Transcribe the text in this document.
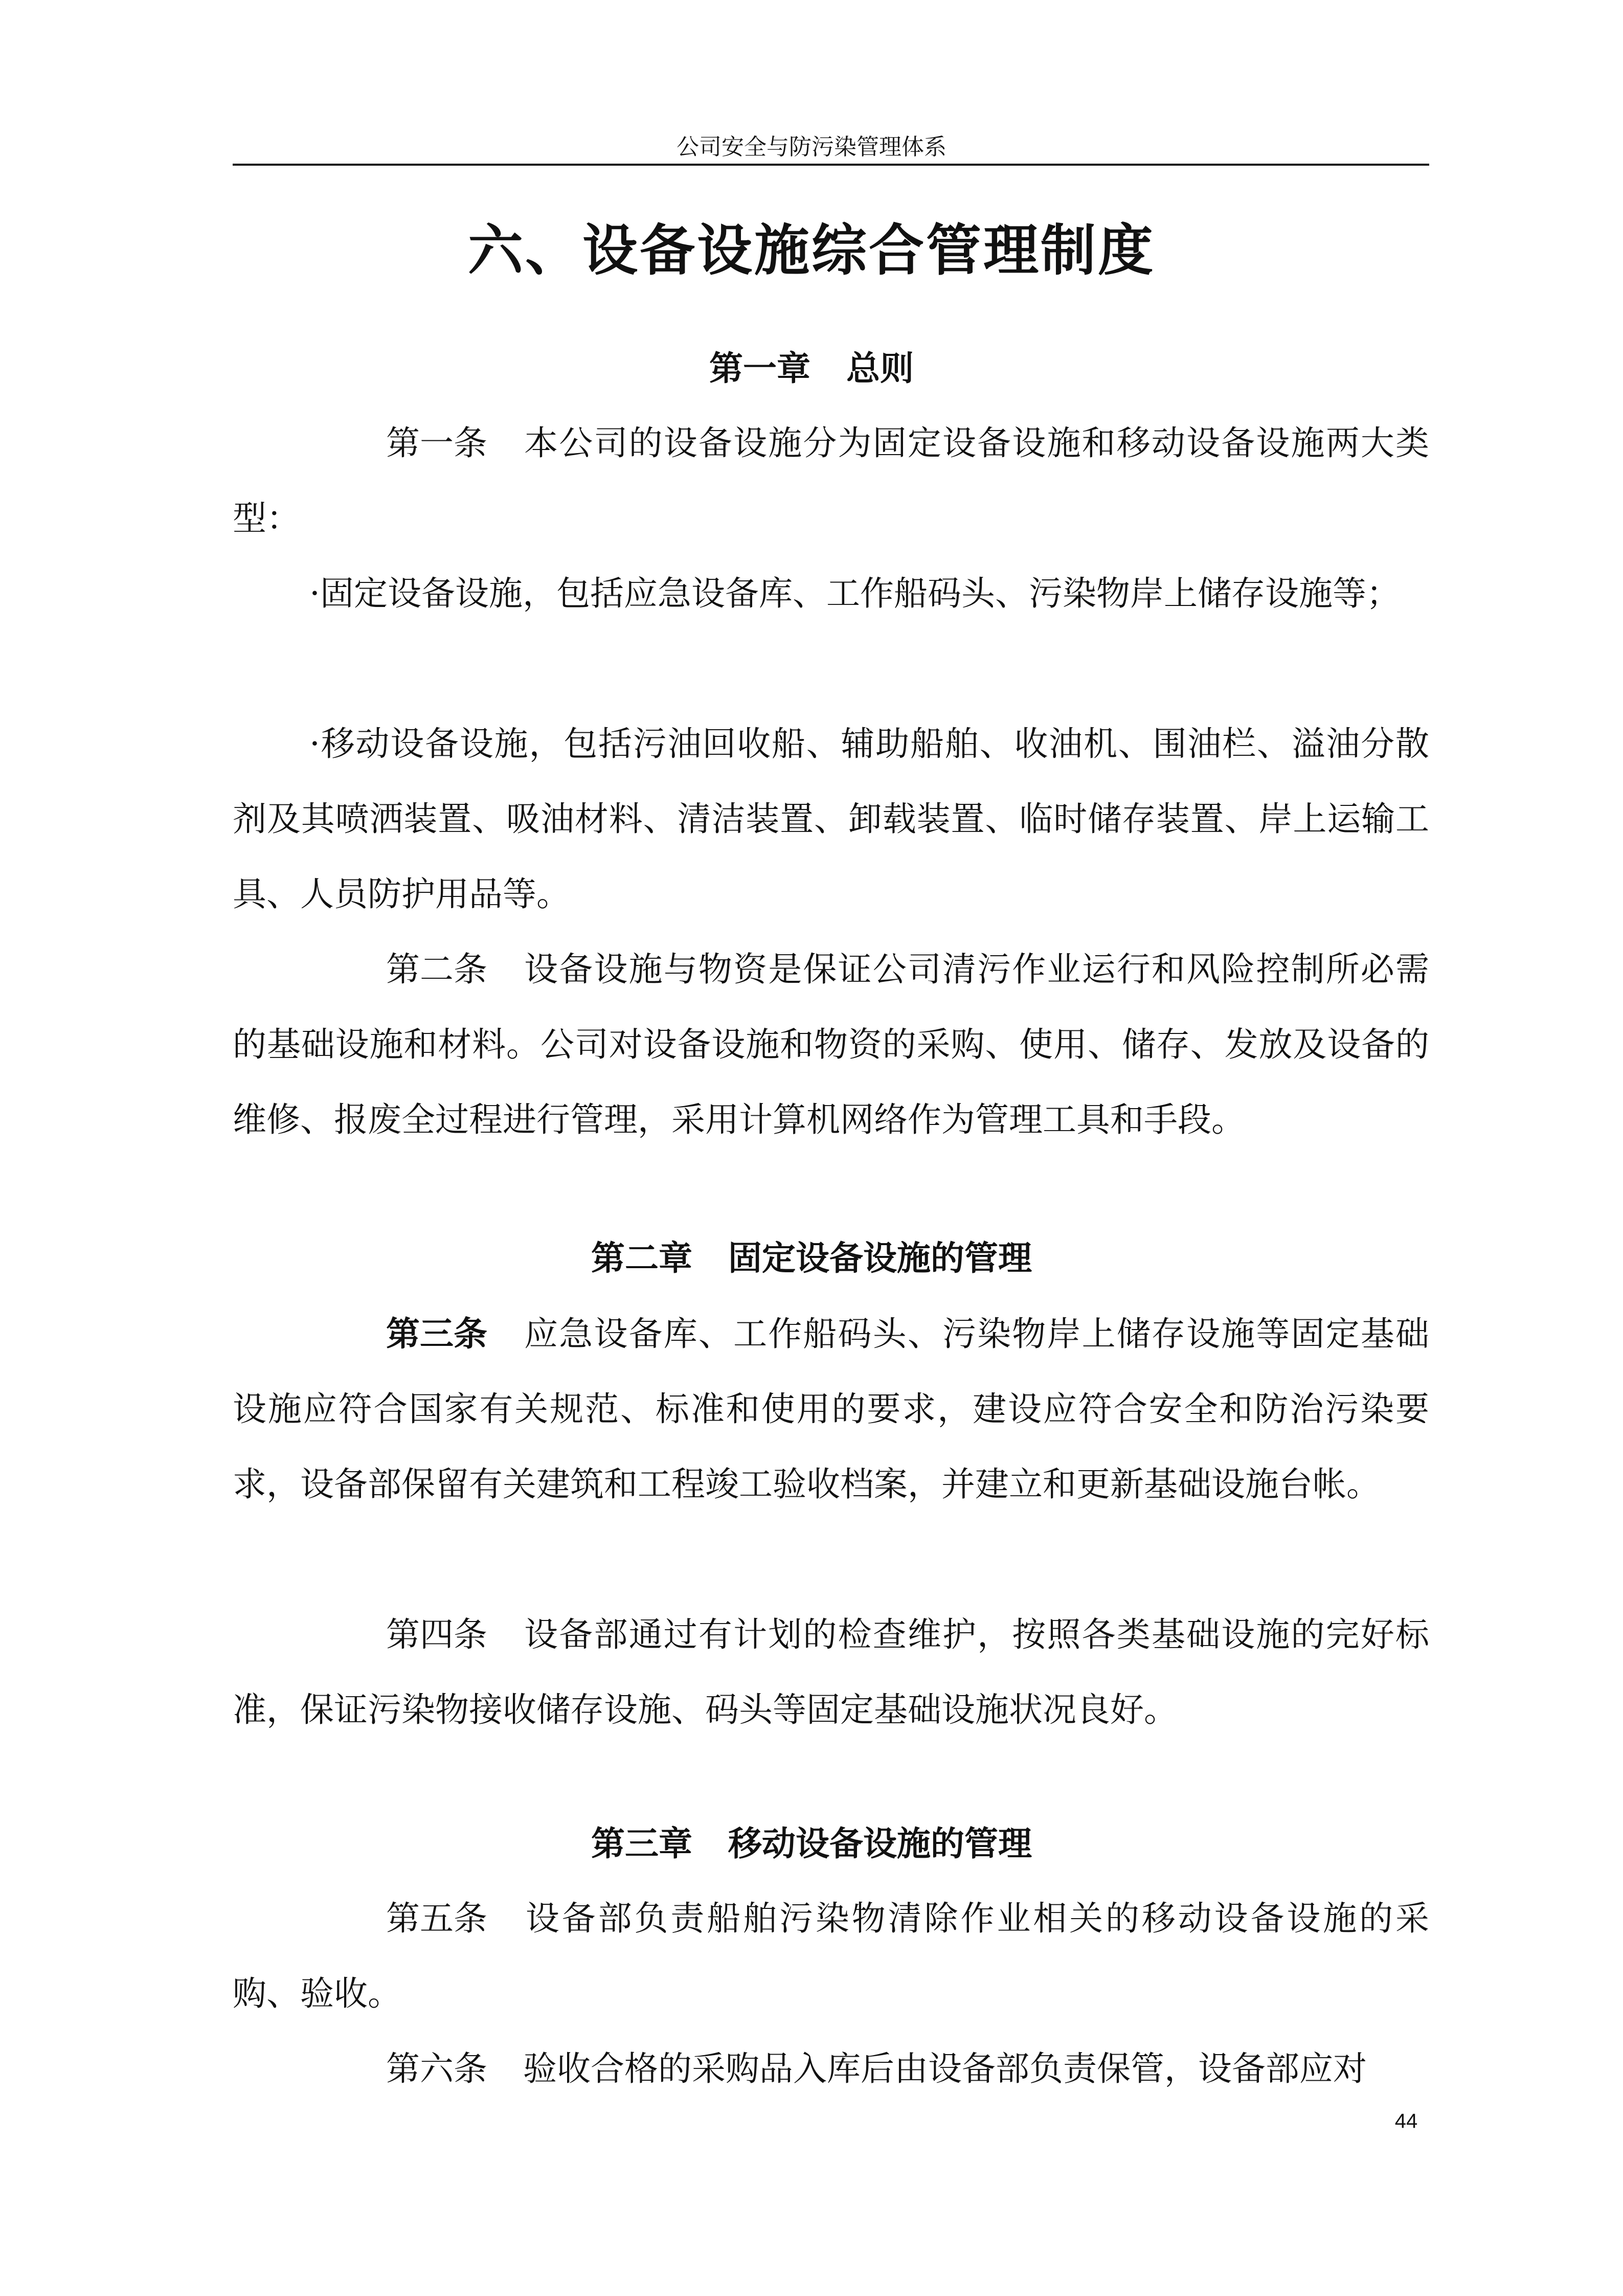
公司安全与防污染管理体系
六、设备设施综合管理制度
第一章 总则

第一条 本公司的设备设施分为固定设备设施和移动设备设施两大类型：

·固定设备设施，包括应急设备库、工作船码头、污染物岸上储存设施等；

·移动设备设施，包括污油回收船、辅助船舶、收油机、围油栏、溢油分散剂及其喷洒装置、吸油材料、清洁装置、卸载装置、临时储存装置、岸上运输工具、人员防护用品等。

第二条 设备设施与物资是保证公司清污作业运行和风险控制所必需的基础设施和材料。公司对设备设施和物资的采购、使用、储存、发放及设备的维修、报废全过程进行管理，采用计算机网络作为管理工具和手段。

第二章 固定设备设施的管理

第三条 应急设备库、工作船码头、污染物岸上储存设施等固定基础设施应符合国家有关规范、标准和使用的要求，建设应符合安全和防治污染要求，设备部保留有关建筑和工程竣工验收档案，并建立和更新基础设施台帐。

第四条 设备部通过有计划的检查维护，按照各类基础设施的完好标准，保证污染物接收储存设施、码头等固定基础设施状况良好。

第三章 移动设备设施的管理

第五条 设备部负责船舶污染物清除作业相关的移动设备设施的采购、验收。

第六条 验收合格的采购品入库后由设备部负责保管，设备部应对

44
